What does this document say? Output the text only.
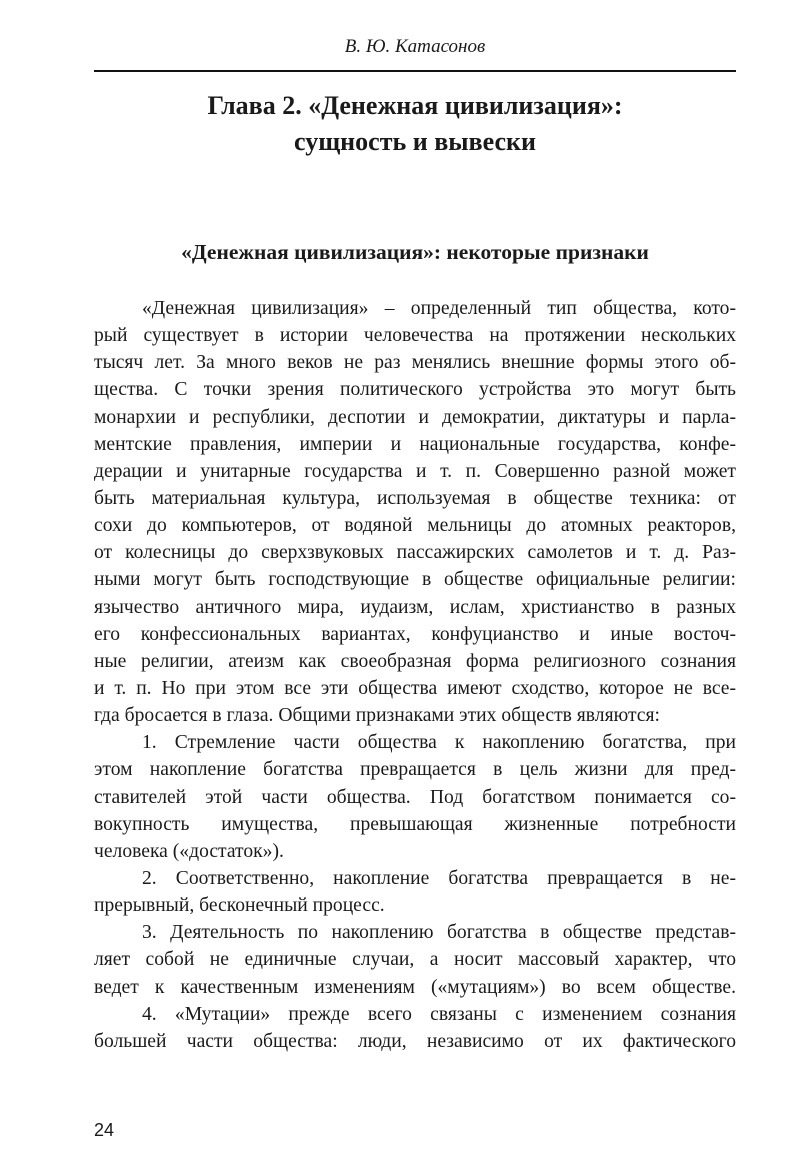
В. Ю. Катасонов
Глава 2. «Денежная цивилизация»:
сущность и вывески
«Денежная цивилизация»: некоторые признаки
«Денежная цивилизация» – определенный тип общества, кото-
рый существует в истории человечества на протяжении нескольких
тысяч лет. За много веков не раз менялись внешние формы этого об-
щества. С точки зрения политического устройства это могут быть
монархии и республики, деспотии и демократии, диктатуры и парла-
ментские правления, империи и национальные государства, конфе-
дерации и унитарные государства и т. п. Совершенно разной может
быть материальная культура, используемая в обществе техника: от
сохи до компьютеров, от водяной мельницы до атомных реакторов,
от колесницы до сверхзвуковых пассажирских самолетов и т. д. Раз-
ными могут быть господствующие в обществе официальные религии:
язычество античного мира, иудаизм, ислам, христианство в разных
его конфессиональных вариантах, конфуцианство и иные восточ-
ные религии, атеизм как своеобразная форма религиозного сознания
и т. п. Но при этом все эти общества имеют сходство, которое не все-
гда бросается в глаза. Общими признаками этих обществ являются:
1. Стремление части общества к накоплению богатства, при
этом накопление богатства превращается в цель жизни для пред-
ставителей этой части общества. Под богатством понимается со-
вокупность имущества, превышающая жизненные потребности
человека («достаток»).
2. Соответственно, накопление богатства превращается в не-
прерывный, бесконечный процесс.
3. Деятельность по накоплению богатства в обществе представ-
ляет собой не единичные случаи, а носит массовый характер, что
ведет к качественным изменениям («мутациям») во всем обществе.
4. «Мутации» прежде всего связаны с изменением сознания
большей части общества: люди, независимо от их фактического
24
